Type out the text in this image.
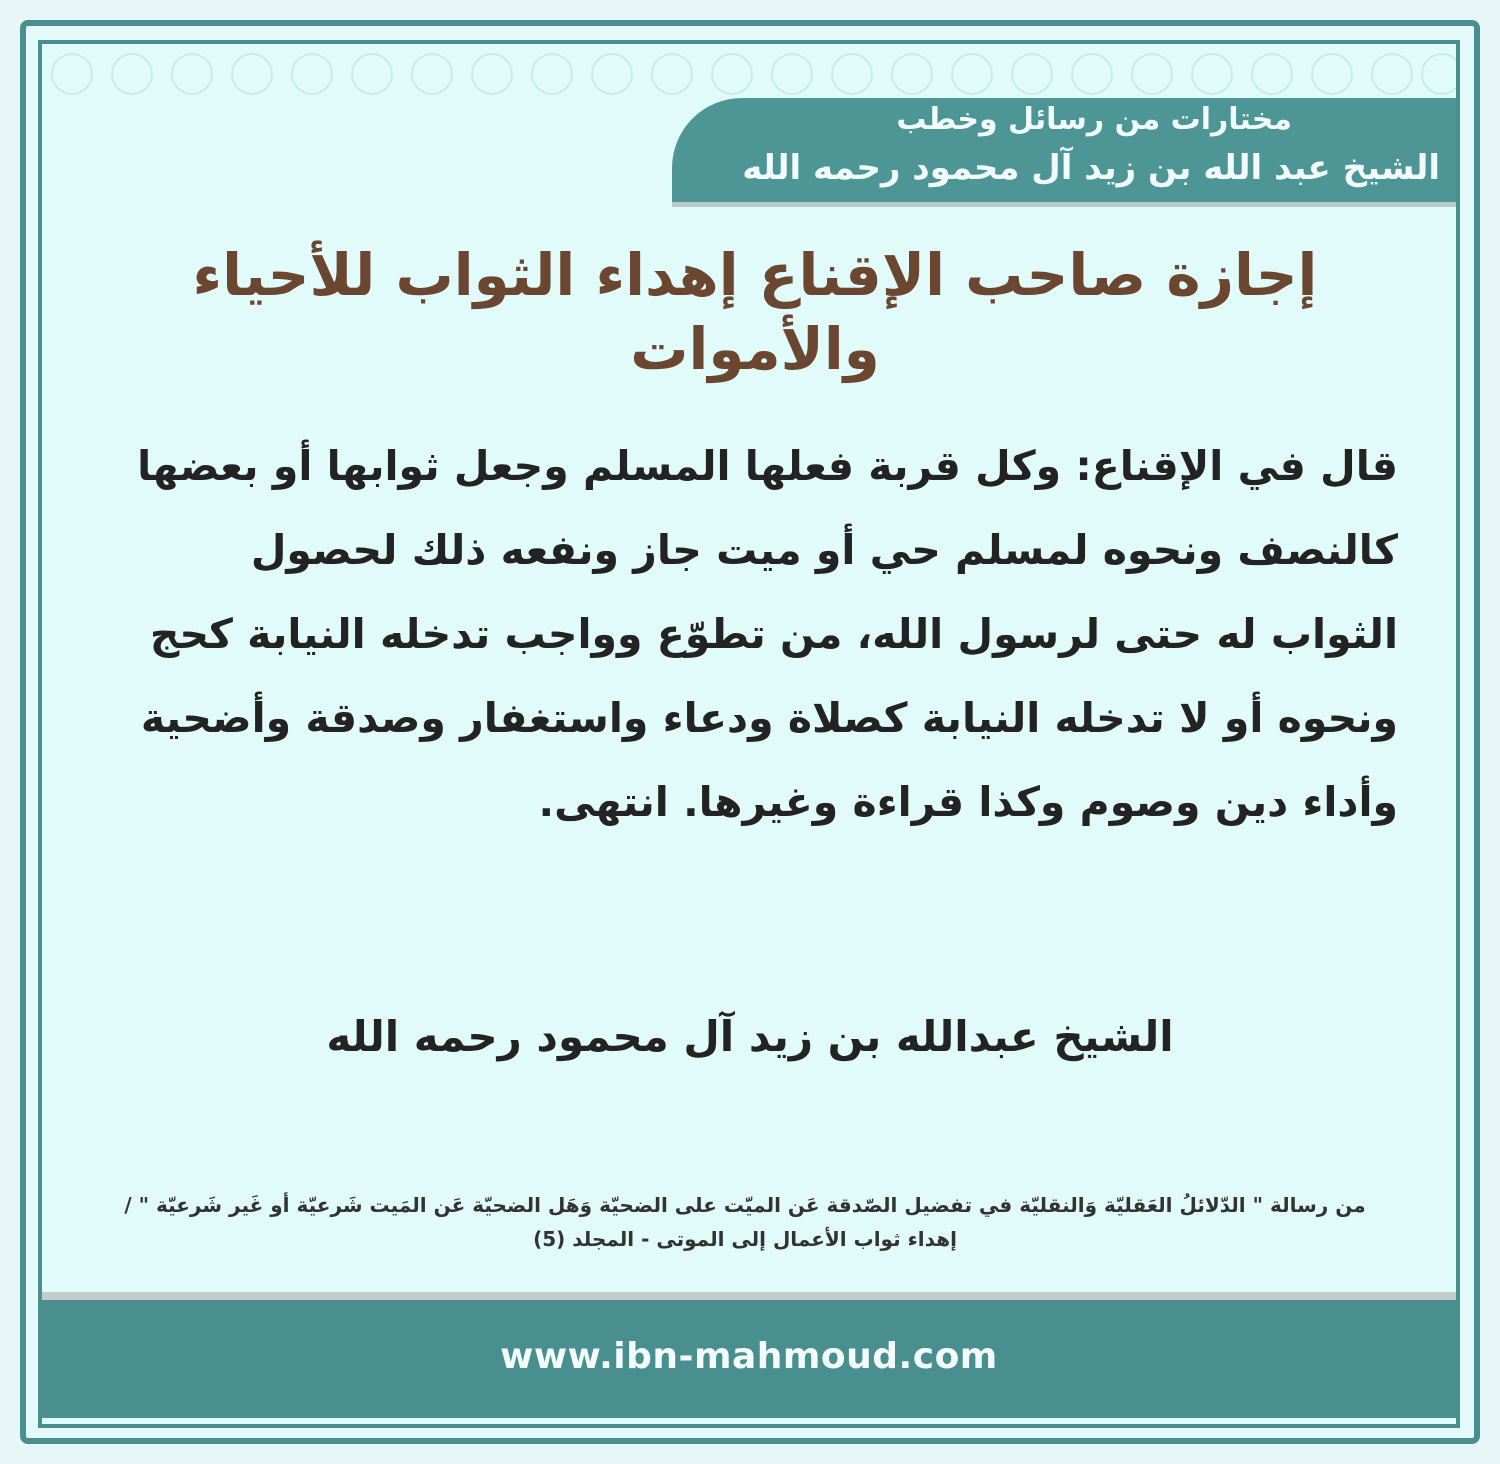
مختارات من رسائل وخطب
الشيخ عبد الله بن زيد آل محمود رحمه الله
إجازة صاحب الإقناع إهداء الثواب للأحياء والأموات
قال في الإقناع: وكل قربة فعلها المسلم وجعل ثوابها أو بعضها كالنصف ونحوه لمسلم حي أو ميت جاز ونفعه ذلك لحصول الثواب له حتى لرسول الله، من تطوّع وواجب تدخله النيابة كحج ونحوه أو لا تدخله النيابة كصلاة ودعاء واستغفار وصدقة وأضحية وأداء دين وصوم وكذا قراءة وغيرها. انتهى.
الشيخ عبدالله بن زيد آل محمود رحمه الله
من رسالة " الدّلائلُ العَقليّة وَالنقليّة في تفضيل الصّدقة عَن الميّت على الضحيّة وَهَل الضحيّة عَن المَيت شَرعيّة أو غَير شَرعيّة " / إهداء ثواب الأعمال إلى الموتى - المجلد (5)
www.ibn-mahmoud.com
